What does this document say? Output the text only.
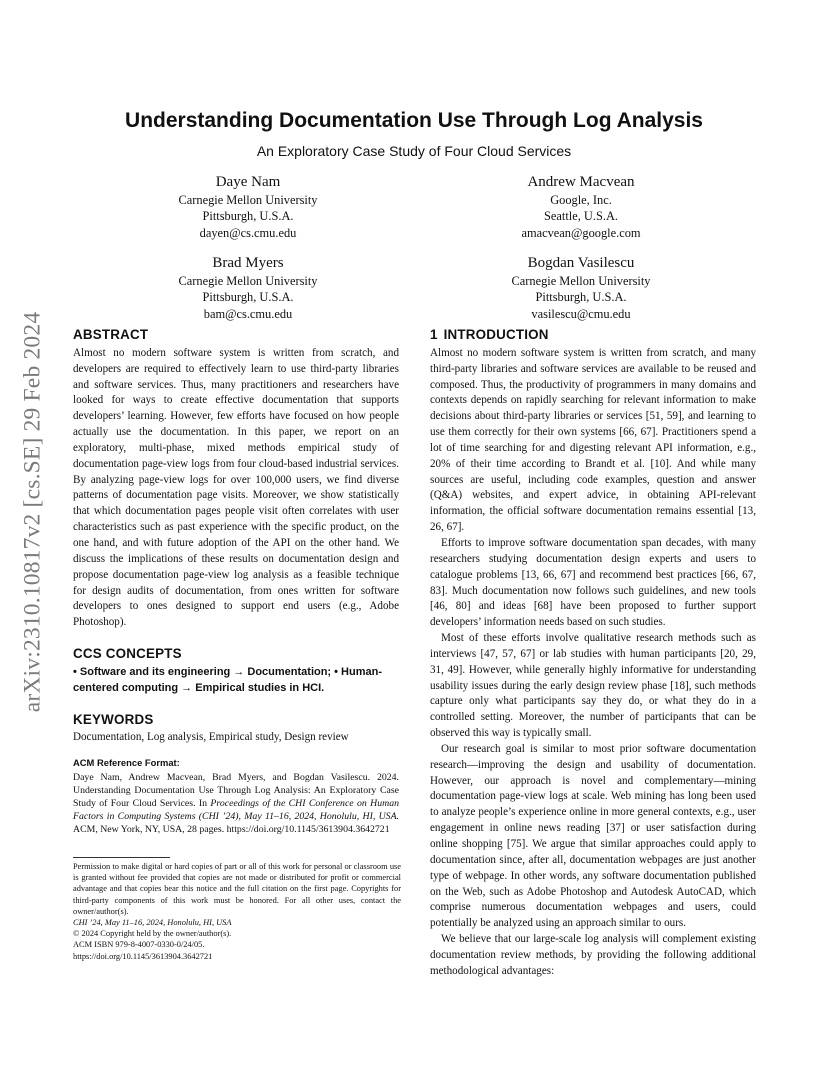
arXiv:2310.10817v2 [cs.SE] 29 Feb 2024
Understanding Documentation Use Through Log Analysis
An Exploratory Case Study of Four Cloud Services
Daye Nam
Carnegie Mellon University
Pittsburgh, U.S.A.
dayen@cs.cmu.edu
Andrew Macvean
Google, Inc.
Seattle, U.S.A.
amacvean@google.com
Brad Myers
Carnegie Mellon University
Pittsburgh, U.S.A.
bam@cs.cmu.edu
Bogdan Vasilescu
Carnegie Mellon University
Pittsburgh, U.S.A.
vasilescu@cmu.edu
ABSTRACT

Almost no modern software system is written from scratch, and developers are required to effectively learn to use third-party libraries and software services. Thus, many practitioners and researchers have looked for ways to create effective documentation that supports developers’ learning. However, few efforts have focused on how people actually use the documentation. In this paper, we report on an exploratory, multi-phase, mixed methods empirical study of documentation page-view logs from four cloud-based industrial services. By analyzing page-view logs for over 100,000 users, we find diverse patterns of documentation page visits. Moreover, we show statistically that which documentation pages people visit often correlates with user characteristics such as past experience with the specific product, on the one hand, and with future adoption of the API on the other hand. We discuss the implications of these results on documentation design and propose documentation page-view log analysis as a feasible technique for design audits of documentation, from ones written for software developers to ones designed to support end users (e.g., Adobe Photoshop).

CCS CONCEPTS

• Software and its engineering → Documentation; • Human-centered computing → Empirical studies in HCI.

KEYWORDS

Documentation, Log analysis, Empirical study, Design review

ACM Reference Format:

Daye Nam, Andrew Macvean, Brad Myers, and Bogdan Vasilescu. 2024. Understanding Documentation Use Through Log Analysis: An Exploratory Case Study of Four Cloud Services. In Proceedings of the CHI Conference on Human Factors in Computing Systems (CHI ’24), May 11–16, 2024, Honolulu, HI, USA. ACM, New York, NY, USA, 28 pages. https://doi.org/10.1145/3613904.3642721

Permission to make digital or hard copies of part or all of this work for personal or classroom use is granted without fee provided that copies are not made or distributed for profit or commercial advantage and that copies bear this notice and the full citation on the first page. Copyrights for third-party components of this work must be honored. For all other uses, contact the owner/author(s).

CHI ’24, May 11–16, 2024, Honolulu, HI, USA

© 2024 Copyright held by the owner/author(s).

ACM ISBN 979-8-4007-0330-0/24/05.

https://doi.org/10.1145/3613904.3642721

1 INTRODUCTION

Almost no modern software system is written from scratch, and many third-party libraries and software services are available to be reused and composed. Thus, the productivity of programmers in many domains and contexts depends on rapidly searching for relevant information to make decisions about third-party libraries or services [51, 59], and learning to use them correctly for their own systems [66, 67]. Practitioners spend a lot of time searching for and digesting relevant API information, e.g., 20% of their time according to Brandt et al. [10]. And while many sources are useful, including code examples, question and answer (Q&A) websites, and expert advice, in obtaining API-relevant information, the official software documentation remains essential [13, 26, 67].

Efforts to improve software documentation span decades, with many researchers studying documentation design experts and users to catalogue problems [13, 66, 67] and recommend best practices [66, 67, 83]. Much documentation now follows such guidelines, and new tools [46, 80] and ideas [68] have been proposed to further support developers’ information needs based on such studies.

Most of these efforts involve qualitative research methods such as interviews [47, 57, 67] or lab studies with human participants [20, 29, 31, 49]. However, while generally highly informative for understanding usability issues during the early design review phase [18], such methods capture only what participants say they do, or what they do in a controlled setting. Moreover, the number of participants that can be observed this way is typically small.

Our research goal is similar to most prior software documentation research—improving the design and usability of documentation. However, our approach is novel and complementary—mining documentation page-view logs at scale. Web mining has long been used to analyze people’s experience online in more general contexts, e.g., user engagement in online news reading [37] or user satisfaction during online shopping [75]. We argue that similar approaches could apply to documentation since, after all, documentation webpages are just another type of webpage. In other words, any software documentation published on the Web, such as Adobe Photoshop and Autodesk AutoCAD, which comprise numerous documentation webpages and users, could potentially be analyzed using an approach similar to ours.

We believe that our large-scale log analysis will complement existing documentation review methods, by providing the following additional methodological advantages:
